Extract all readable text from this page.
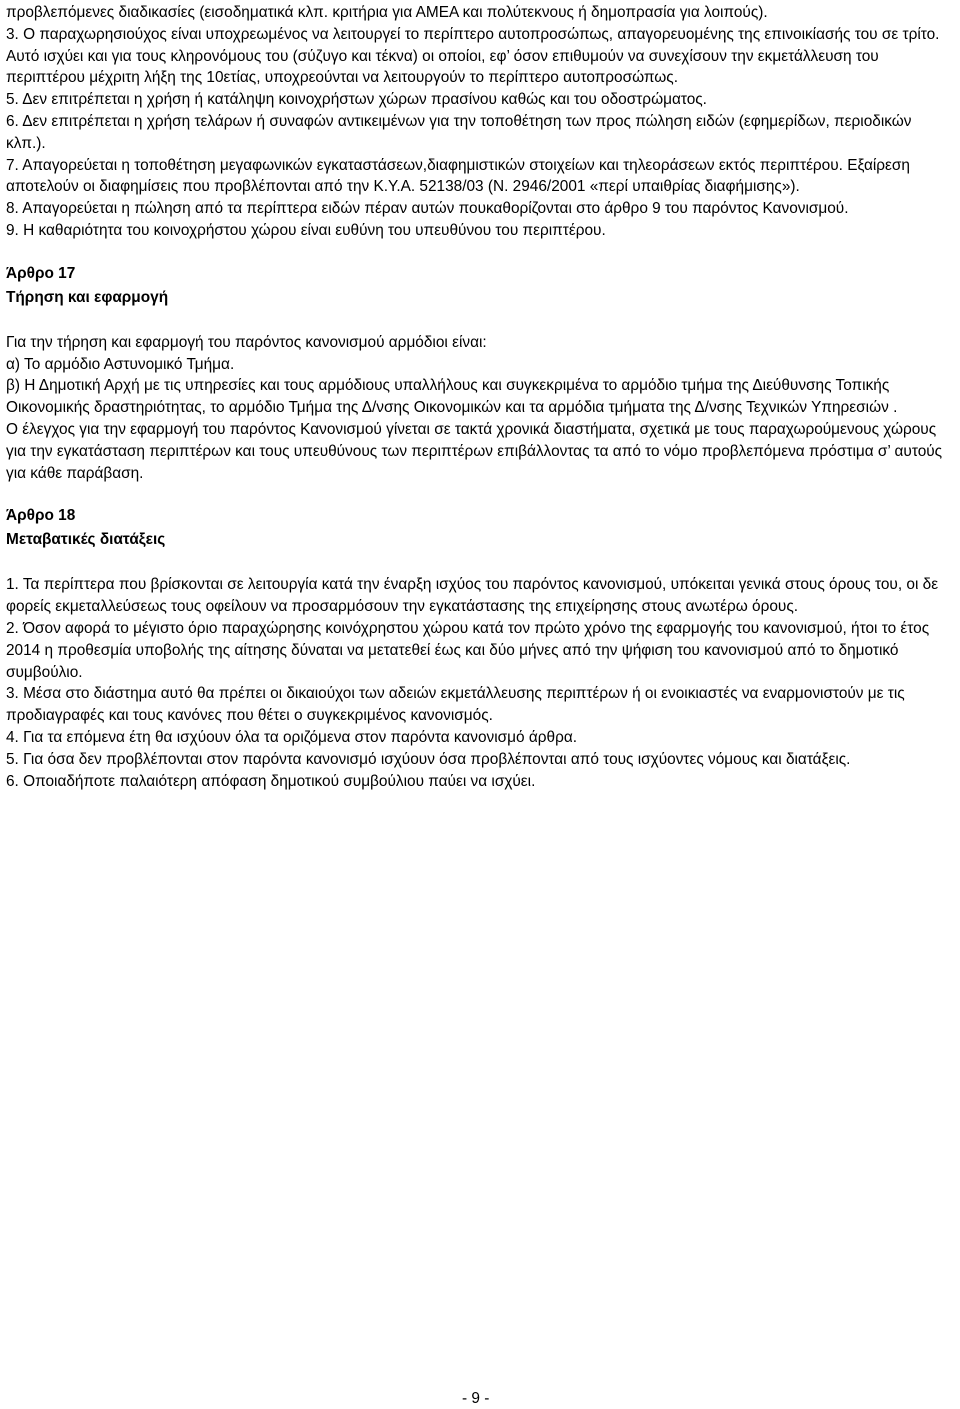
προβλεπόμενες διαδικασίες (εισοδηματικά κλπ. κριτήρια για ΑΜΕΑ και πολύτεκνους ή δημοπρασία για λοιπούς).

3. Ο παραχωρησιούχος είναι υποχρεωμένος να λειτουργεί το περίπτερο αυτοπροσώπως, απαγορευομένης της επινοικίασής του σε τρίτο. Αυτό ισχύει και για τους κληρονόμους του (σύζυγο και τέκνα) οι οποίοι, εφ’ όσον επιθυμούν να συνεχίσουν την εκμετάλλευση του περιπτέρου μέχριτη λήξη της 10ετίας, υποχρεούνται να λειτουργούν το περίπτερο αυτοπροσώπως.

5. Δεν επιτρέπεται η χρήση ή κατάληψη κοινοχρήστων χώρων πρασίνου καθώς και του οδοστρώματος.

6. Δεν επιτρέπεται η χρήση τελάρων ή συναφών αντικειμένων για την τοποθέτηση των προς πώληση ειδών (εφημερίδων, περιοδικών κλπ.).

7. Απαγορεύεται η τοποθέτηση μεγαφωνικών εγκαταστάσεων,διαφημιστικών στοιχείων και τηλεοράσεων εκτός περιπτέρου. Εξαίρεση αποτελούν οι διαφημίσεις που προβλέπονται από την Κ.Υ.Α. 52138/03 (Ν. 2946/2001 «περί υπαιθρίας διαφήμισης»).

8. Απαγορεύεται η πώληση από τα περίπτερα ειδών πέραν αυτών πουκαθορίζονται στο άρθρο 9 του παρόντος Κανονισμού.

9. Η καθαριότητα του κοινοχρήστου χώρου είναι ευθύνη του υπευθύνου του περιπτέρου.

Άρθρο 17
Τήρηση και εφαρμογή

Για την τήρηση και εφαρμογή του παρόντος κανονισμού αρμόδιοι είναι:

α) Το αρμόδιο Αστυνομικό Τμήμα.

β) Η Δημοτική Αρχή με τις υπηρεσίες και τους αρμόδιους υπαλλήλους και συγκεκριμένα το αρμόδιο τμήμα της Διεύθυνσης Τοπικής Οικονομικής δραστηριότητας, το αρμόδιο Τμήμα της Δ/νσης Οικονομικών και τα αρμόδια τμήματα της Δ/νσης Τεχνικών Υπηρεσιών .

Ο έλεγχος για την εφαρμογή του παρόντος Κανονισμού γίνεται σε τακτά χρονικά διαστήματα, σχετικά με τους παραχωρούμενους χώρους για την εγκατάσταση περιπτέρων και τους υπευθύνους των περιπτέρων επιβάλλοντας τα από το νόμο προβλεπόμενα πρόστιμα σ’ αυτούς για κάθε παράβαση.

Άρθρο 18
Μεταβατικές διατάξεις

1. Τα περίπτερα που βρίσκονται σε λειτουργία κατά την έναρξη ισχύος του παρόντος κανονισμού, υπόκειται γενικά στους όρους του, οι δε φορείς εκμεταλλεύσεως τους οφείλουν να προσαρμόσουν την εγκατάστασης της επιχείρησης στους ανωτέρω όρους.

2. Όσον αφορά το μέγιστο όριο παραχώρησης κοινόχρηστου χώρου κατά τον πρώτο χρόνο της εφαρμογής του κανονισμού, ήτοι το έτος 2014 η προθεσμία υποβολής της αίτησης δύναται να μετατεθεί έως και δύο μήνες από την ψήφιση του κανονισμού από το δημοτικό συμβούλιο.

3. Μέσα στο διάστημα αυτό θα πρέπει οι δικαιούχοι των αδειών εκμετάλλευσης περιπτέρων ή οι ενοικιαστές να εναρμονιστούν με τις προδιαγραφές και τους κανόνες που θέτει ο συγκεκριμένος κανονισμός.

4. Για τα επόμενα έτη θα ισχύουν όλα τα οριζόμενα στον παρόντα κανονισμό άρθρα.

5. Για όσα δεν προβλέπονται στον παρόντα κανονισμό ισχύουν όσα προβλέπονται από τους ισχύοντες νόμους και διατάξεις.

6. Οποιαδήποτε παλαιότερη απόφαση δημοτικού συμβούλιου παύει να ισχύει.

- 9 -
